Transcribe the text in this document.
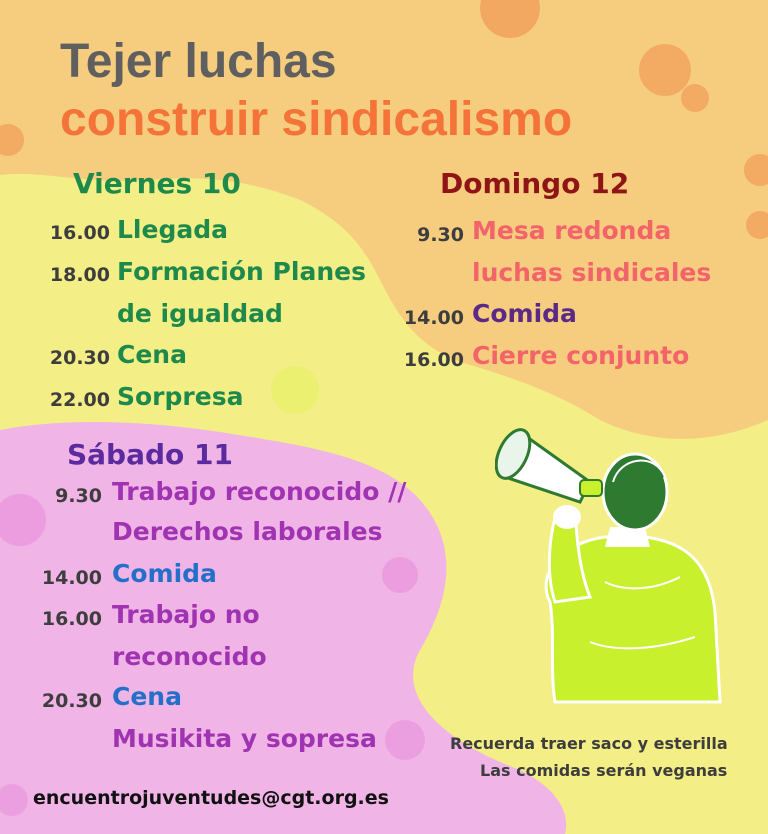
Tejer luchas
construir sindicalismo
Viernes 10
16.00 Llegada
18.00 Formación Planes
de igualdad
20.30 Cena
22.00 Sorpresa
Domingo 12
9.30 Mesa redonda
luchas sindicales
14.00 Comida
16.00 Cierre conjunto
Sábado 11
9.30 Trabajo reconocido //
Derechos laborales
14.00 Comida
16.00 Trabajo no
reconocido
20.30 Cena
Musikita y sopresa	Recuerda traer saco y esterilla
Las comidas serán veganas
encuentrojuventudes@cgt.org.es
